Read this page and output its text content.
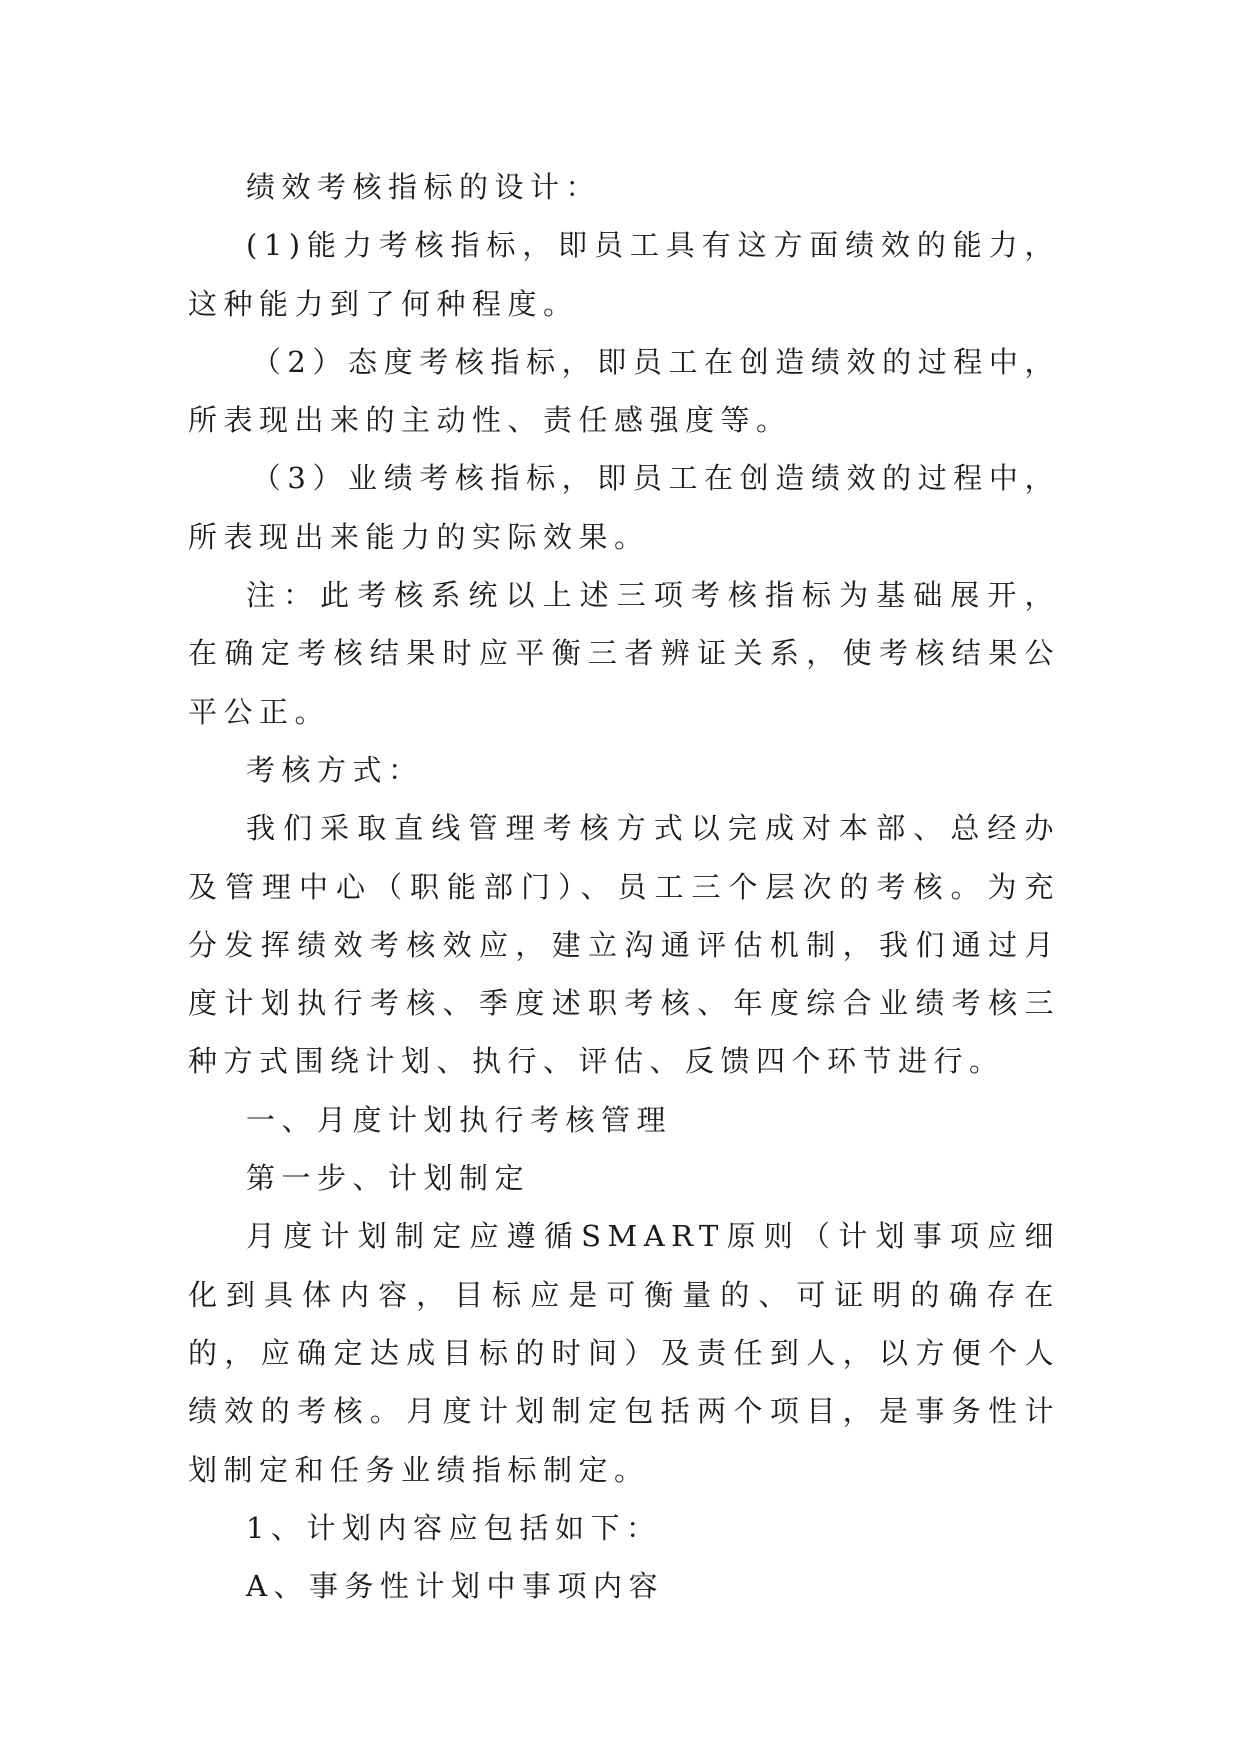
绩效考核指标的设计：

(1)能力考核指标，即员工具有这方面绩效的能力，这种能力到了何种程度。

（2）态度考核指标，即员工在创造绩效的过程中，所表现出来的主动性、责任感强度等。

（3）业绩考核指标，即员工在创造绩效的过程中，所表现出来能力的实际效果。

注：此考核系统以上述三项考核指标为基础展开，在确定考核结果时应平衡三者辨证关系，使考核结果公平公正。

考核方式：

我们采取直线管理考核方式以完成对本部、总经办及管理中心（职能部门）、员工三个层次的考核。为充分发挥绩效考核效应，建立沟通评估机制，我们通过月度计划执行考核、季度述职考核、年度综合业绩考核三种方式围绕计划、执行、评估、反馈四个环节进行。

一、月度计划执行考核管理

第一步、计划制定

月度计划制定应遵循SMART原则（计划事项应细化到具体内容，目标应是可衡量的、可证明的确存在的，应确定达成目标的时间）及责任到人，以方便个人绩效的考核。月度计划制定包括两个项目，是事务性计划制定和任务业绩指标制定。

1、计划内容应包括如下：

A、事务性计划中事项内容
